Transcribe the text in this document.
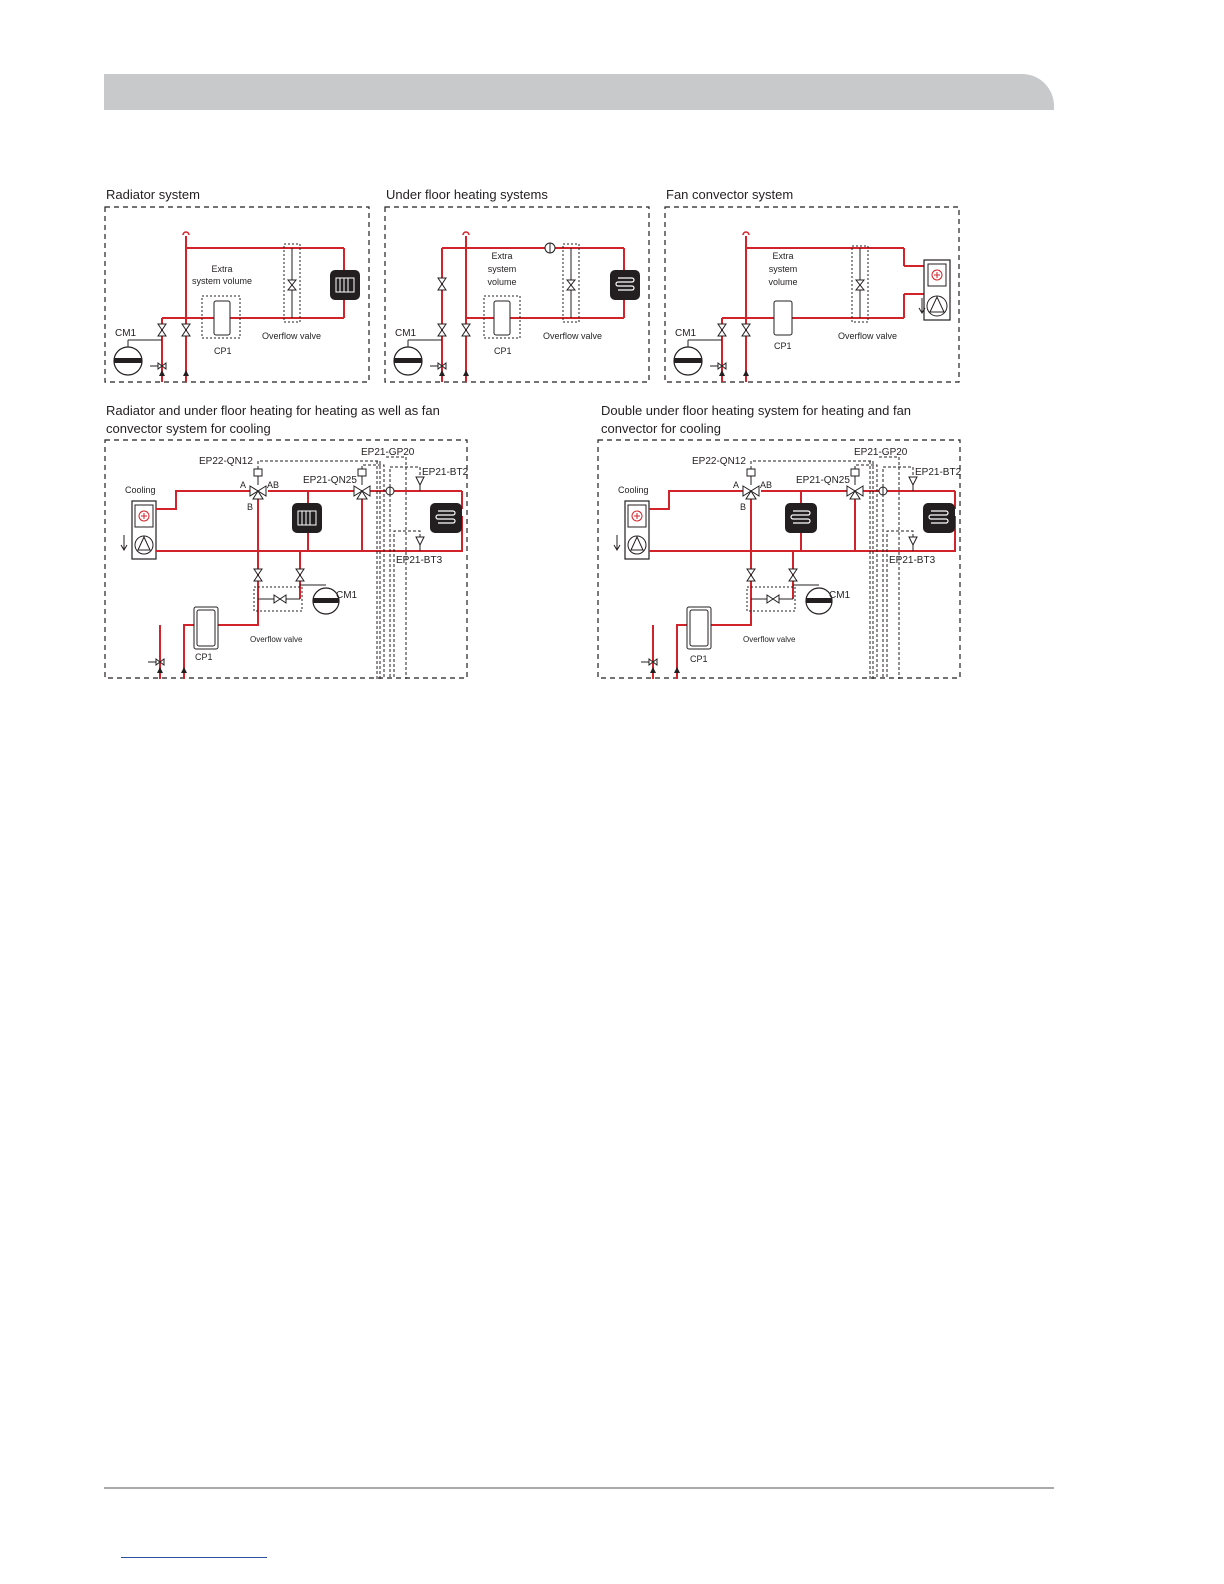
Radiator system
CM1
CP1
Extra
system volume
Overflow valve
Under floor heating systems
CM1
CP1
Extra
system
volume
Overflow valve
Fan convector system
CM1
CP1
Extra
system
volume
Overflow valve
Radiator and under floor heating for heating as well as fan convector system for cooling
Cooling
EP22-QN12
A AB
B
EP21-QN25
EP21-GP20
EP21-BT2
EP21-BT3
Overflow valve
CM1
CP1
Double under floor heating system for heating and fan convector for cooling
Cooling
EP22-QN12
A AB
B
EP21-QN25
EP21-GP20
EP21-BT2
EP21-BT3
Overflow valve
CM1
CP1
